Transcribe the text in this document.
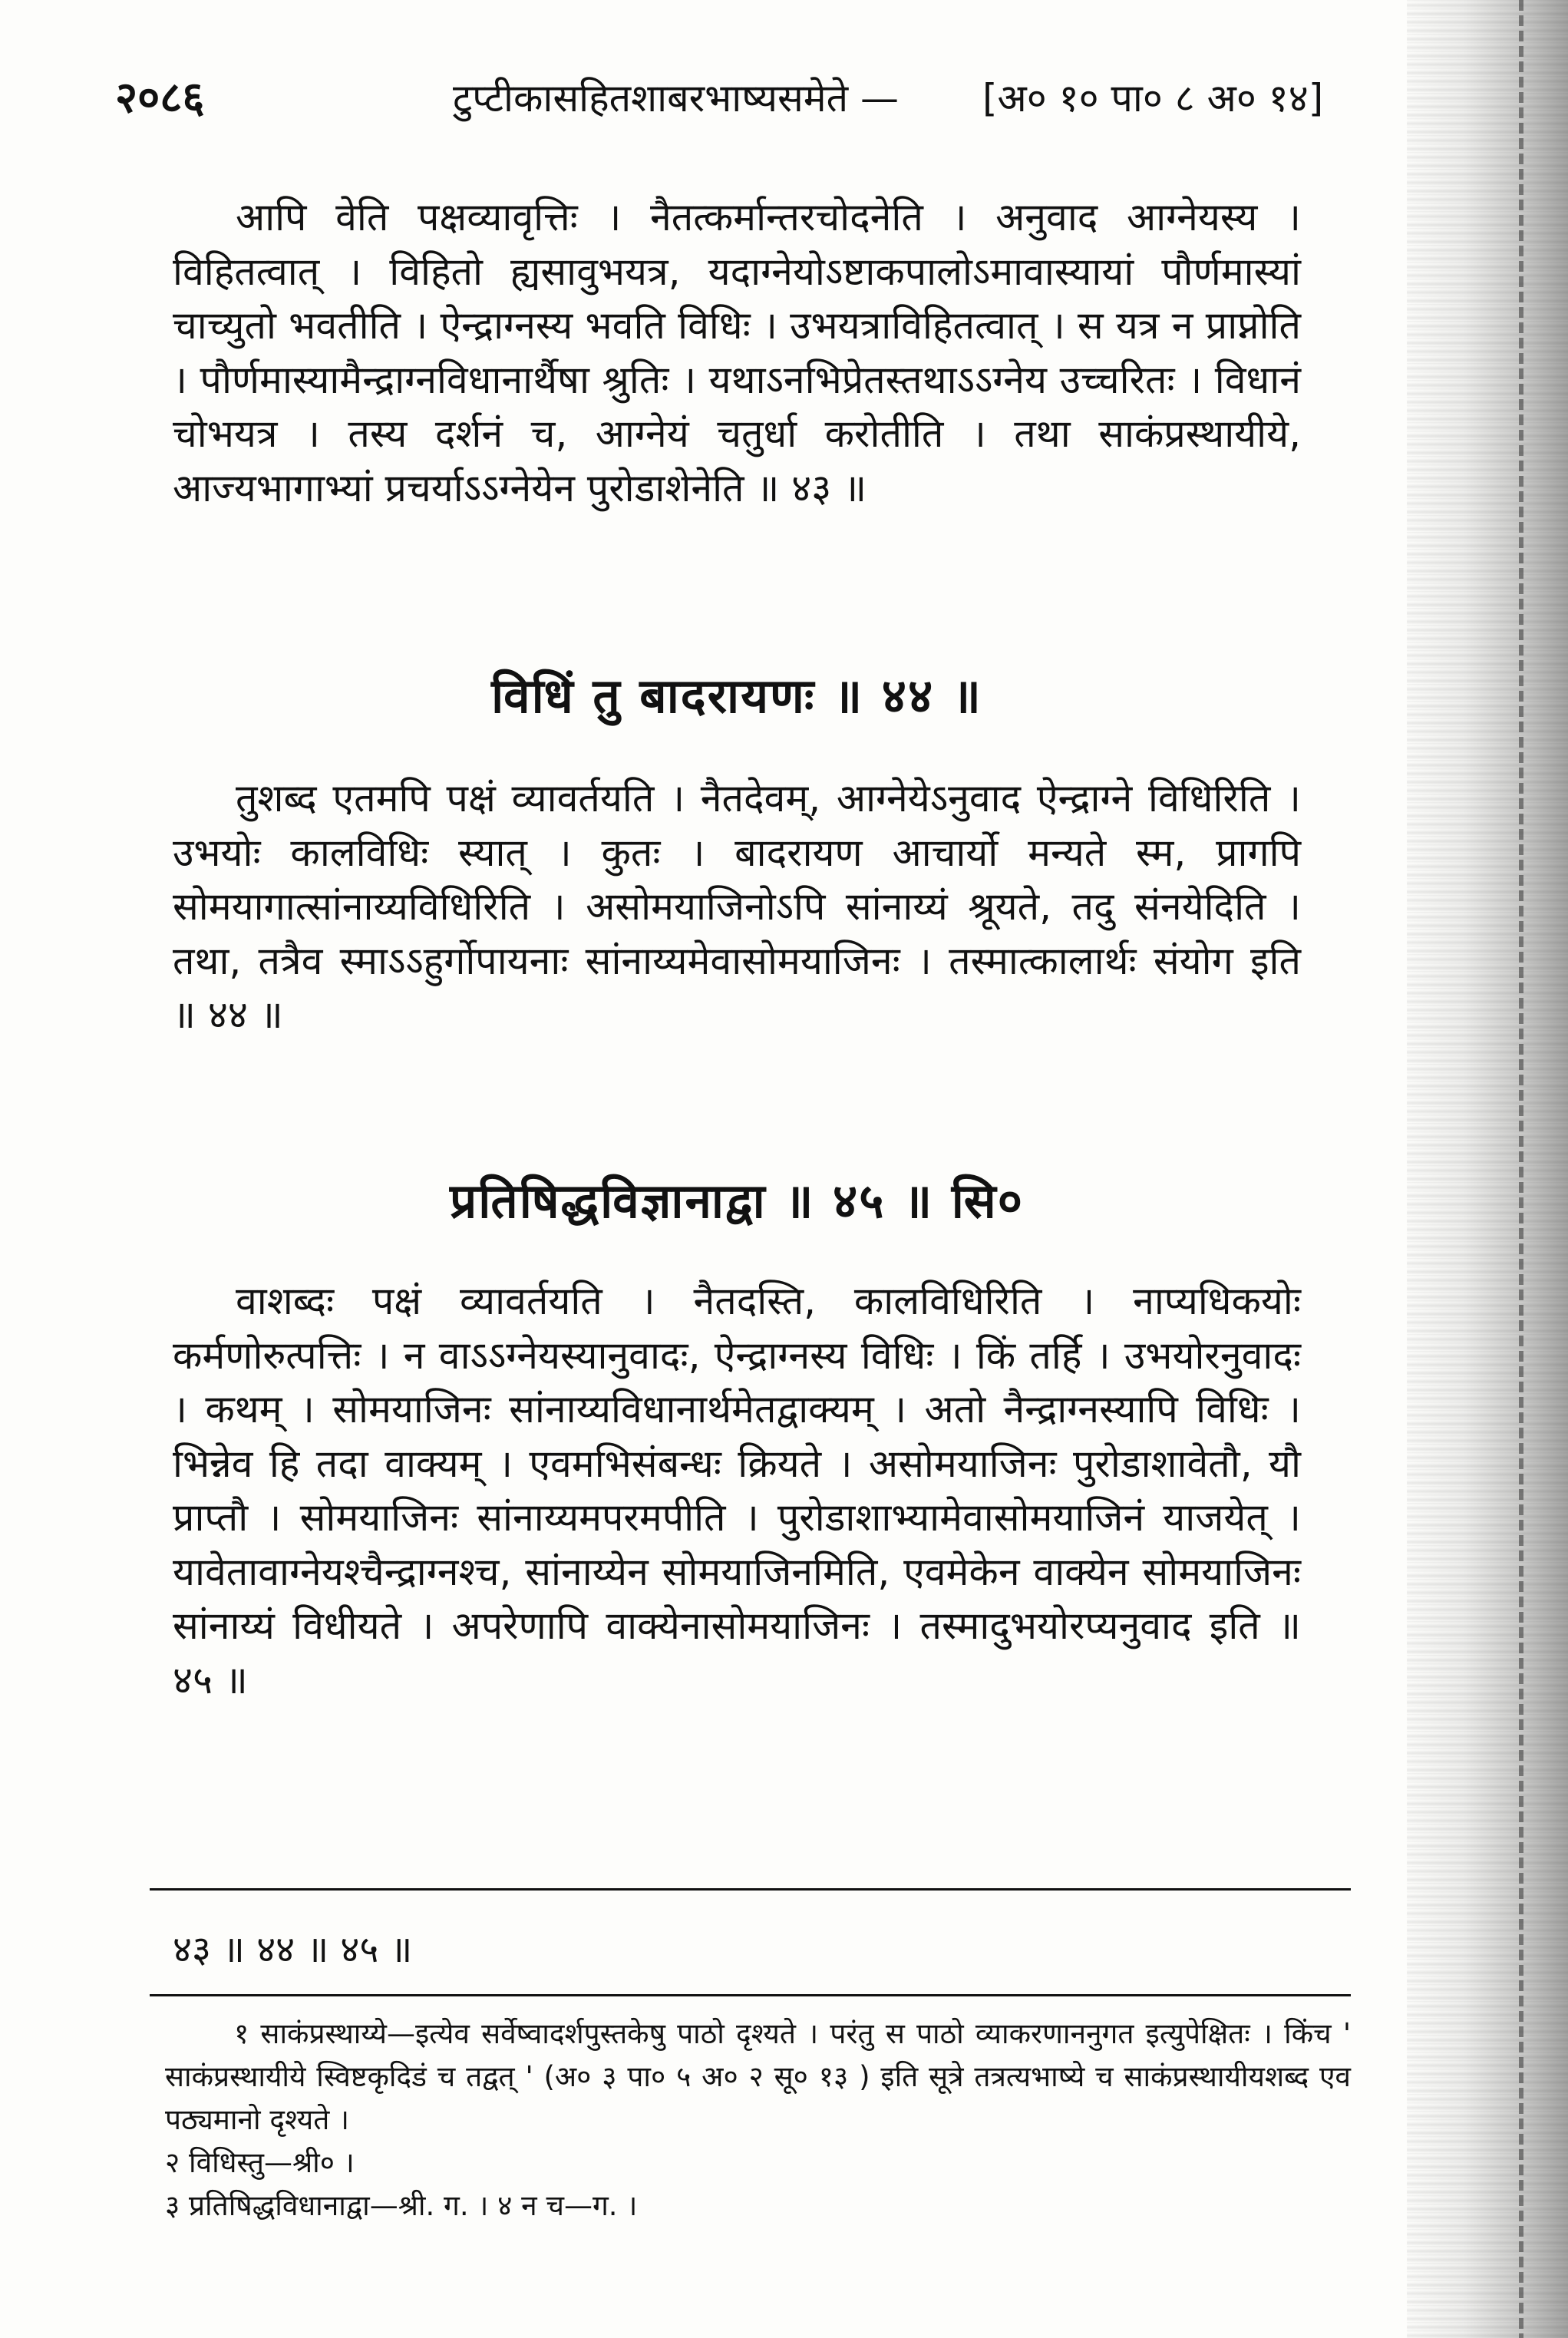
२०८६	टुप्टीकासहितशाबरभाष्यसमेते — [अ० १० पा० ८ अ० १४]
आपि वेति पक्षव्यावृत्तिः । नैतत्कर्मान्तरचोदनेति । अनुवाद आग्नेयस्य । विहितत्वात् । विहितो ह्यसावुभयत्र, यदाग्नेयोऽष्टाकपालोऽमावास्यायां पौर्णमास्यां चाच्युतो भवतीति । ऐन्द्राग्नस्य भवति विधिः । उभयत्राविहितत्वात् । स यत्र न प्राप्नोति । पौर्णमास्यामैन्द्राग्नविधानार्थैषा श्रुतिः । यथाऽनभिप्रेतस्तथाऽऽग्नेय उच्चरितः । विधानं चोभयत्र । तस्य दर्शनं च, आग्नेयं चतुर्धा करोतीति । तथा साकंप्रस्थायीये, आज्यभागाभ्यां प्रचर्याऽऽग्नेयेन पुरोडाशेनेति ॥ ४३ ॥
विधिं तु बादरायणः ॥ ४४ ॥
तुशब्द एतमपि पक्षं व्यावर्तयति । नैतदेवम्, आग्नेयेऽनुवाद ऐन्द्राग्ने विधिरिति । उभयोः कालविधिः स्यात् । कुतः । बादरायण आचार्यो मन्यते स्म, प्रागपि सोमयागात्सांनाय्यविधिरिति । असोमयाजिनोऽपि सांनाय्यं श्रूयते, तदु संनयेदिति । तथा, तत्रैव स्माऽऽहुर्गोपायनाः सांनाय्यमेवासोमयाजिनः । तस्मात्कालार्थः संयोग इति ॥ ४४ ॥
प्रतिषिद्धविज्ञानाद्वा ॥ ४५ ॥ सि०
वाशब्दः पक्षं व्यावर्तयति । नैतदस्ति, कालविधिरिति । नाप्यधिकयोः कर्मणोरुत्पत्तिः । न वाऽऽग्नेयस्यानुवादः, ऐन्द्राग्नस्य विधिः । किं तर्हि । उभयोरनुवादः । कथम् । सोमयाजिनः सांनाय्यविधानार्थमेतद्वाक्यम् । अतो नैन्द्राग्नस्यापि विधिः । भिन्नेव हि तदा वाक्यम् । एवमभिसंबन्धः क्रियते । असोमयाजिनः पुरोडाशावेतौ, यौ प्राप्तौ । सोमयाजिनः सांनाय्यमपरमपीति । पुरोडाशाभ्यामेवासोमयाजिनं याजयेत् । यावेतावाग्नेयश्चैन्द्राग्नश्च, सांनाय्येन सोमयाजिनमिति, एवमेकेन वाक्येन सोमयाजिनः सांनाय्यं विधीयते । अपरेणापि वाक्येनासोमयाजिनः । तस्मादुभयोरप्यनुवाद इति ॥ ४५ ॥
४३ ॥ ४४ ॥ ४५ ॥

१ साकंप्रस्थाय्ये—इत्येव सर्वेष्वादर्शपुस्तकेषु पाठो दृश्यते । परंतु स पाठो व्याकरणाननुगत इत्युपेक्षितः । किंच ' साकंप्रस्थायीये स्विष्टकृदिडं च तद्वत् ' (अ० ३ पा० ५ अ० २ सू० १३ ) इति सूत्रे तत्रत्यभाष्ये च साकंप्रस्थायीयशब्द एव पठ्यमानो दृश्यते ।

२ विधिस्तु—श्री० ।

३ प्रतिषिद्धविधानाद्वा—श्री. ग. । ४ न च—ग. ।
